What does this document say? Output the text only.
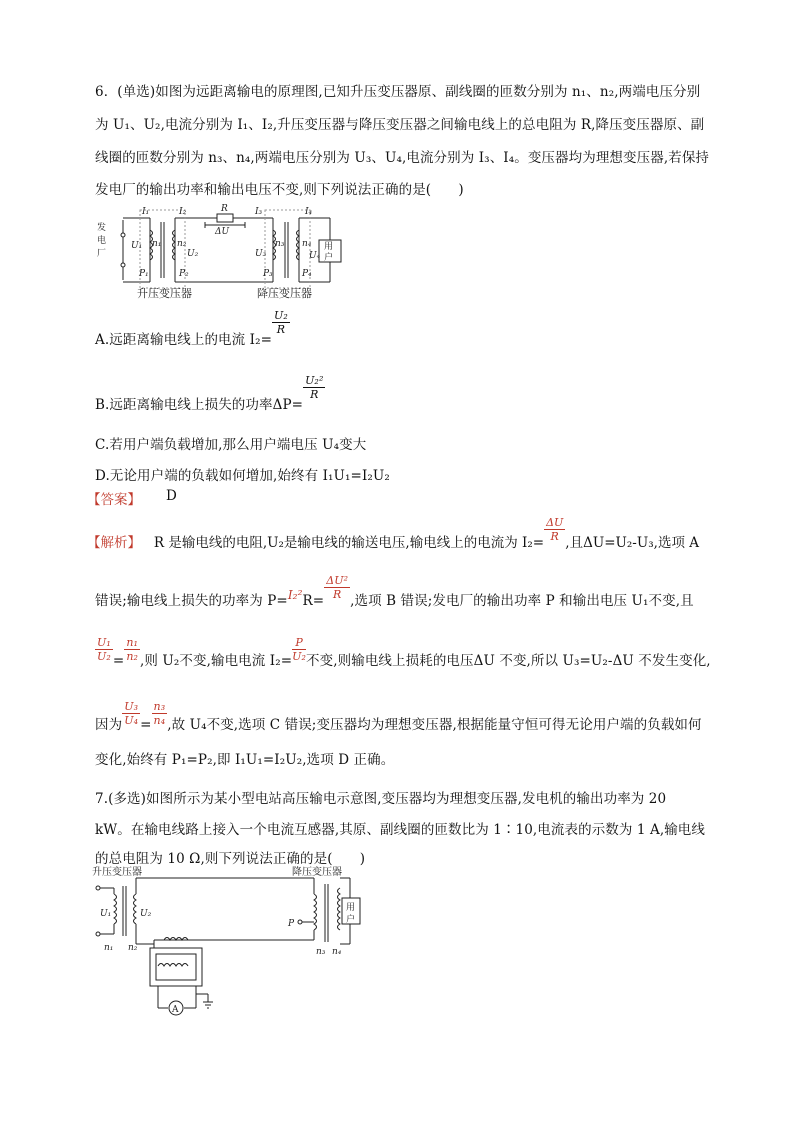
6．(单选)如图为远距离输电的原理图,已知升压变压器原、副线圈的匝数分别为 n₁、n₂,两端电压分别
为 U₁、U₂,电流分别为 I₁、I₂,升压变压器与降压变压器之间输电线上的总电阻为 R,降压变压器原、副
线圈的匝数分别为 n₃、n₄,两端电压分别为 U₃、U₄,电流分别为 I₃、I₄。变压器均为理想变压器,若保持
发电厂的输出功率和输出电压不变,则下列说法正确的是(　　)
发
电
厂
I₁	I₂	R
ΔU
I₃	I₄
U₁ n₁ n₂
U₂	U₃
n₃ n₄
U₄
P₁	P₂	P₃	P₄
用
户
升压变压器	降压变压器
A.远距离输电线上的电流 I₂=
$\frac{\text{U₂}}{R}$
B.远距离输电线上损失的功率ΔP=
$\frac{\text{U₂²}}{R}$
C.若用户端负载增加,那么用户端电压 U₄变大
D.无论用户端的负载如何增加,始终有 I₁U₁=I₂U₂
【答案】 D
【解析】 R 是输电线的电阻,U₂是输电线的输送电压,输电线上的电流为 $I_2= \frac{\Delta U}{R}$ ,且ΔU=U₂-U₃,选项 A
错误;输电线上损失的功率为 $P=I_2^2R= \frac{\text{ΔU²}}{R}$ ,选项 B 错误;发电厂的输出功率 P 和输出电压 U₁不变,且
$\frac{\text{U₁}}{\text{U₂}} = \frac{\text{n₁}}{\text{n₂}}$ ,则 U₂不变,输电电流 $I_2= \frac{P}{\text{U₂}}$ 不变,则输电线上损耗的电压ΔU 不变,所以 U₃=U₂-ΔU 不发生变化,
因为 $\frac{\text{U₃}}{\text{U₄}} = \frac{\text{n₃}}{\text{n₄}}$ ,故 U₄不变,选项 C 错误;变压器均为理想变压器,根据能量守恒可得无论用户端的负载如何
变化,始终有 P₁=P₂,即 I₁U₁=I₂U₂,选项 D 正确。
7.(多选)如图所示为某小型电站高压输电示意图,变压器均为理想变压器,发电机的输出功率为 20
kW。在输电线路上接入一个电流互感器,其原、副线圈的匝数比为 1∶10,电流表的示数为 1 A,输电线
的总电阻为 10 Ω,则下列说法正确的是(　　)
U₁	U₂
n₁ n₂
P
n₃ n₄
A
用
户
升压变压器	降压变压器
